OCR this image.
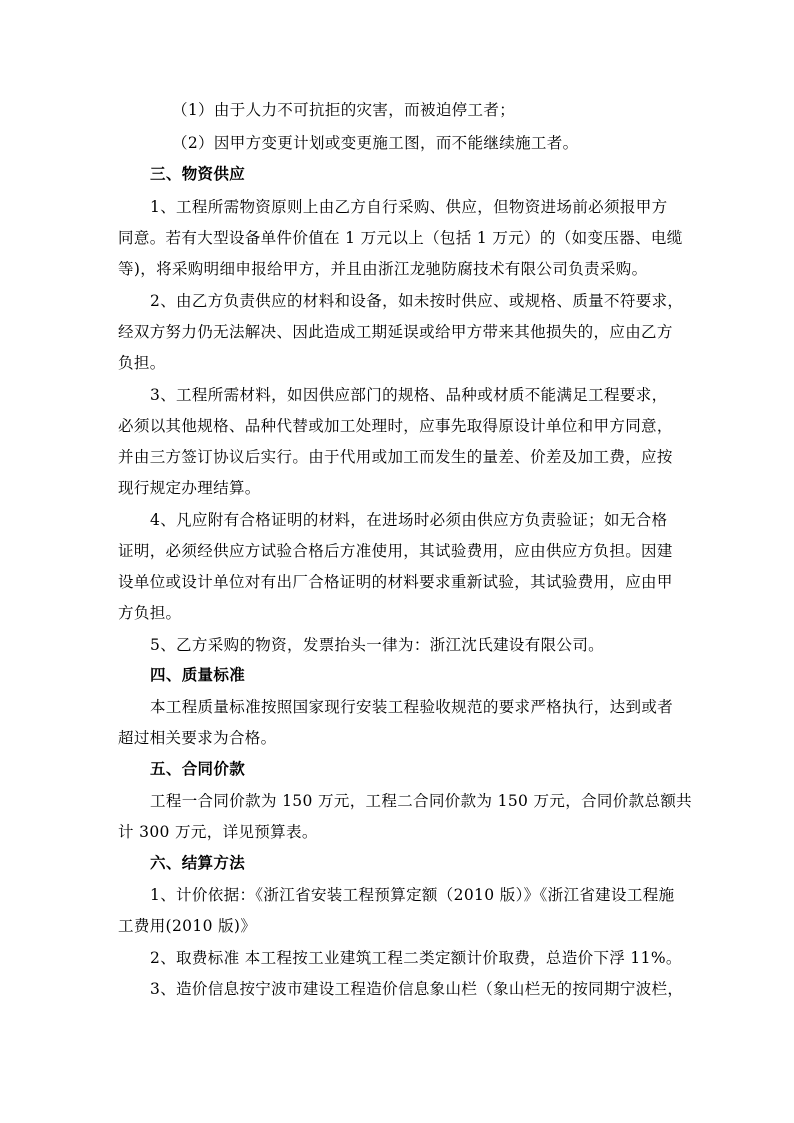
（1）由于人力不可抗拒的灾害，而被迫停工者；
（2）因甲方变更计划或变更施工图，而不能继续施工者。
三、物资供应
1、工程所需物资原则上由乙方自行采购、供应，但物资进场前必须报甲方
同意。若有大型设备单件价值在 1 万元以上（包括 1 万元）的（如变压器、电缆
等)，将采购明细申报给甲方，并且由浙江龙驰防腐技术有限公司负责采购。
2、由乙方负责供应的材料和设备，如未按时供应、或规格、质量不符要求，
经双方努力仍无法解决、因此造成工期延误或给甲方带来其他损失的，应由乙方
负担。
3、工程所需材料，如因供应部门的规格、品种或材质不能满足工程要求，
必须以其他规格、品种代替或加工处理时，应事先取得原设计单位和甲方同意，
并由三方签订协议后实行。由于代用或加工而发生的量差、价差及加工费，应按
现行规定办理结算。
4、凡应附有合格证明的材料，在进场时必须由供应方负责验证；如无合格
证明，必须经供应方试验合格后方准使用，其试验费用，应由供应方负担。因建
设单位或设计单位对有出厂合格证明的材料要求重新试验，其试验费用，应由甲
方负担。
5、乙方采购的物资，发票抬头一律为：浙江沈氏建设有限公司。
四、质量标准
本工程质量标准按照国家现行安装工程验收规范的要求严格执行，达到或者
超过相关要求为合格。
五、合同价款
工程一合同价款为 150 万元，工程二合同价款为 150 万元，合同价款总额共
计 300 万元，详见预算表。
六、结算方法
1、计价依据：《浙江省安装工程预算定额（2010 版）》《浙江省建设工程施
工费用(2010 版)》
2、取费标准 本工程按工业建筑工程二类定额计价取费，总造价下浮 11%。
3、造价信息按宁波市建设工程造价信息象山栏（象山栏无的按同期宁波栏，
